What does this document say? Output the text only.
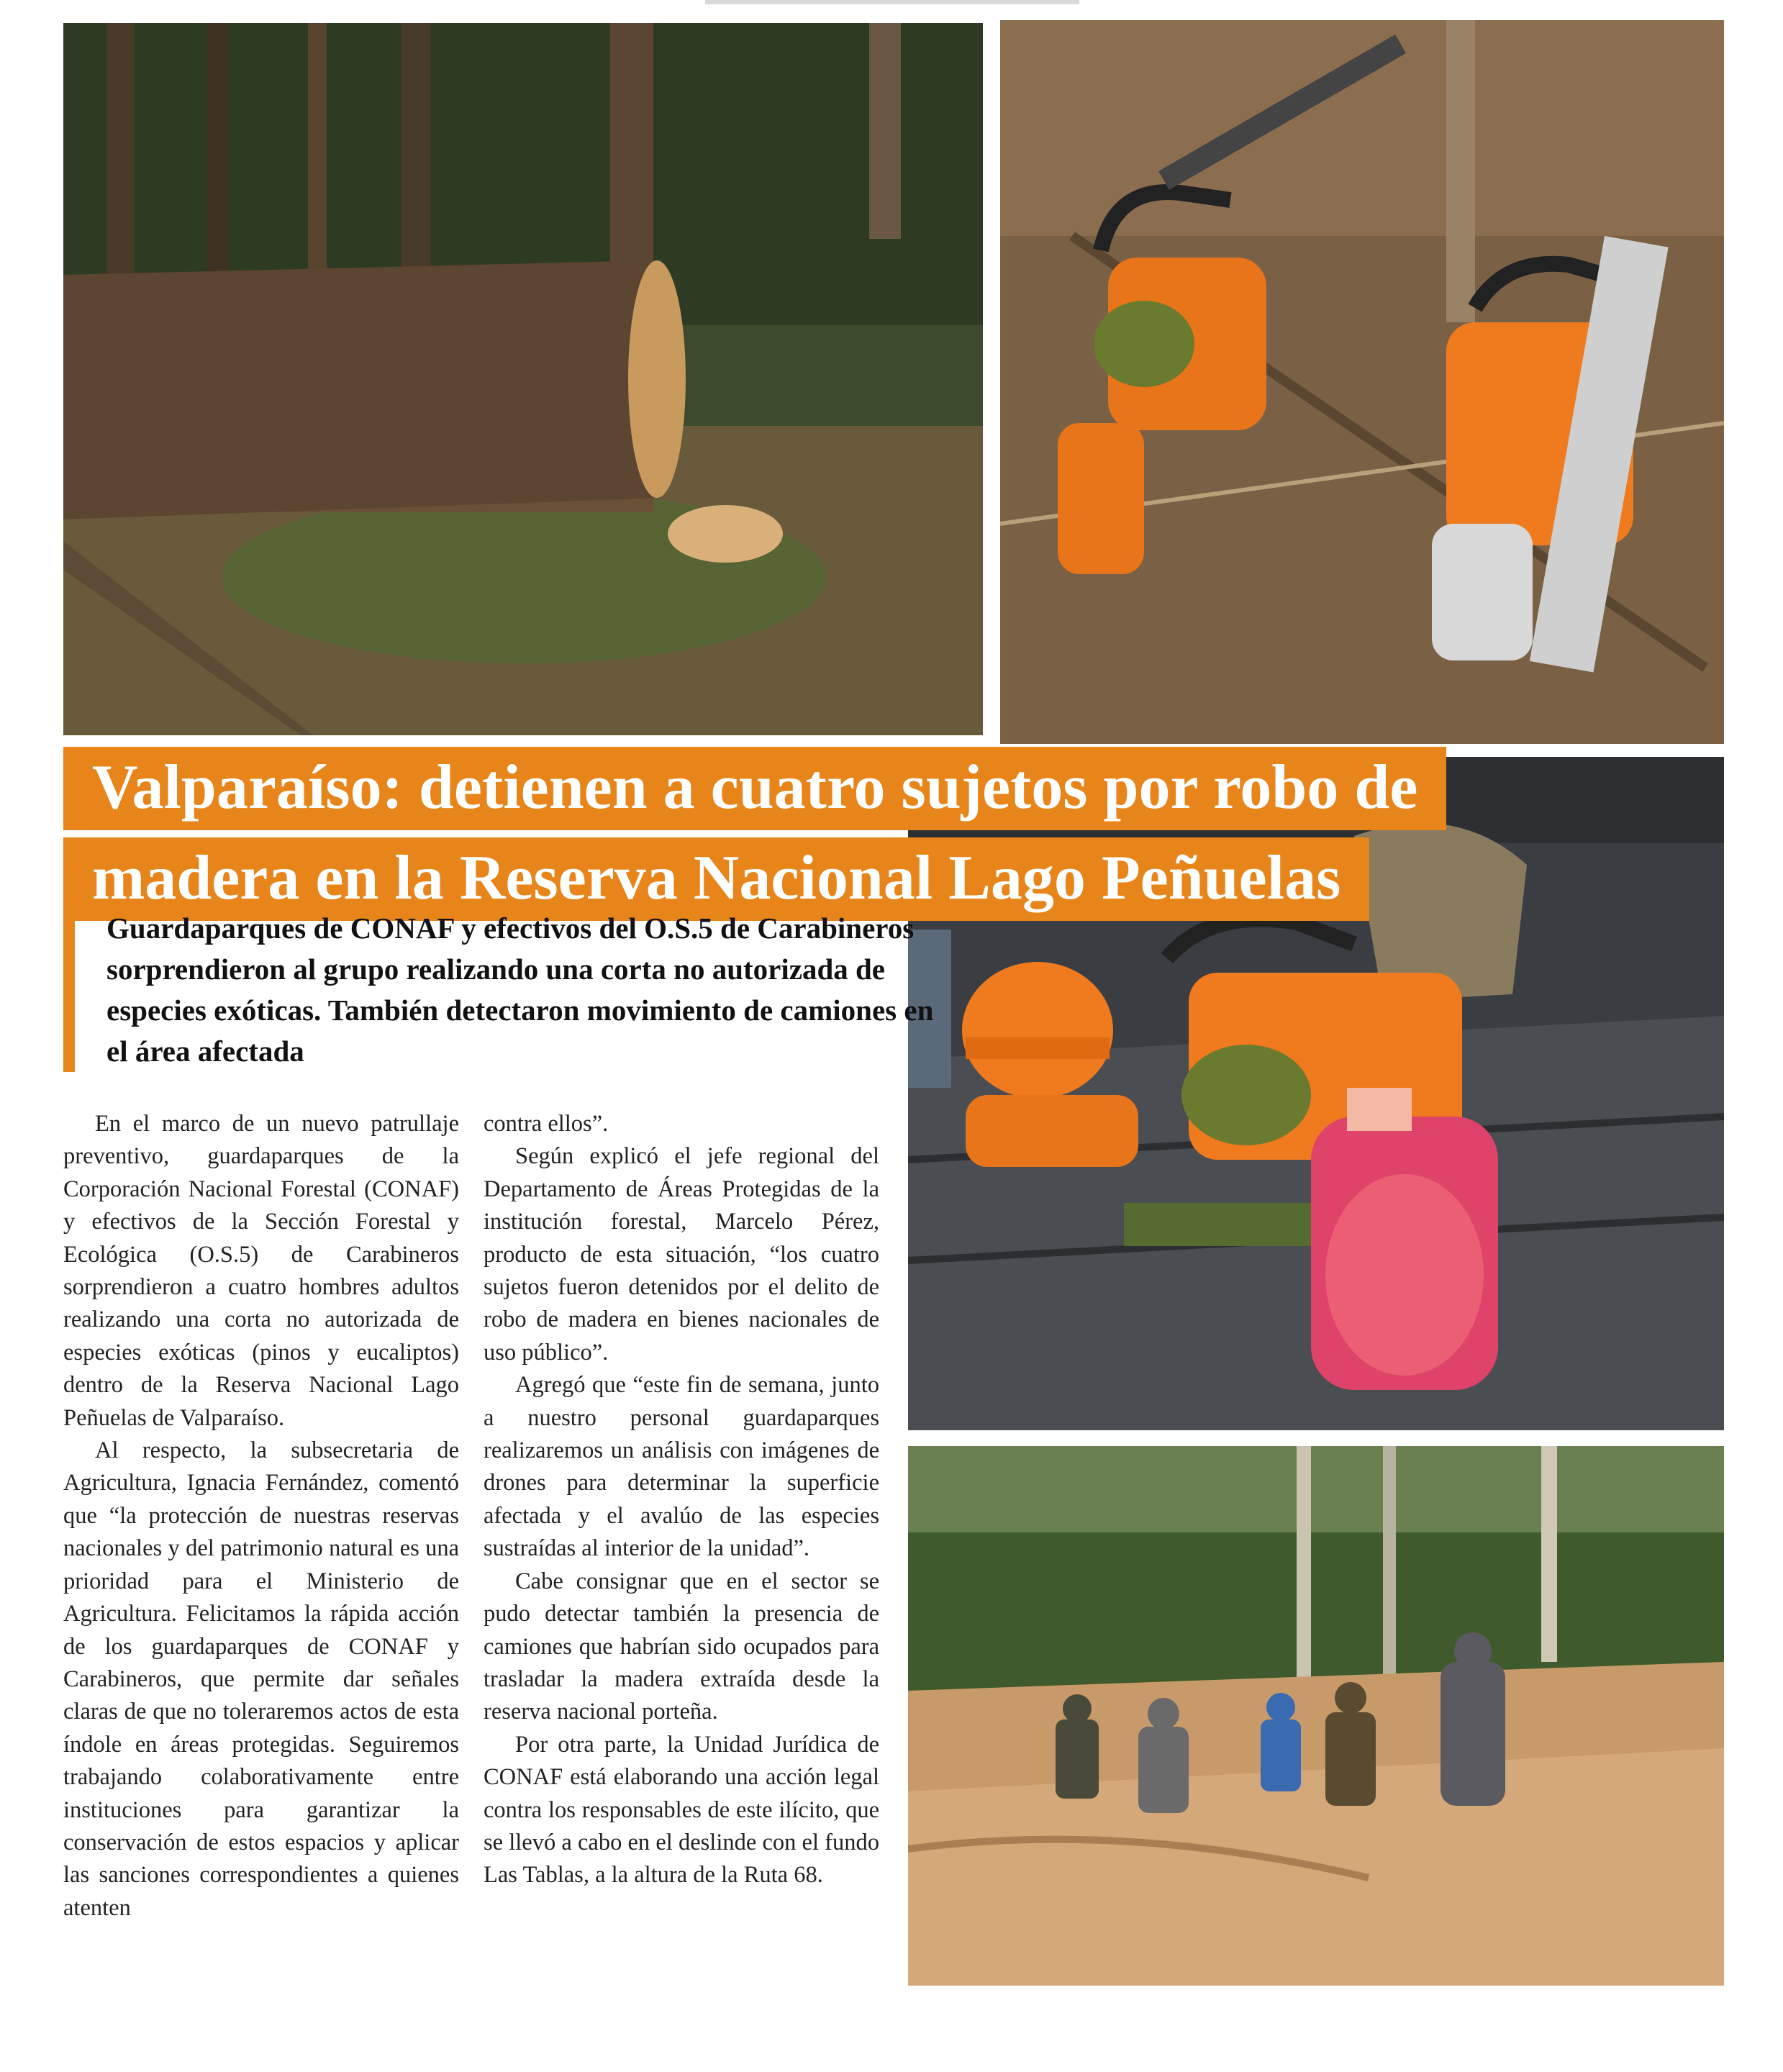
Valparaíso: detienen a cuatro sujetos por robo de
madera en la Reserva Nacional Lago Peñuelas

Guardaparques de CONAF y efectivos del O.S.5 de Carabineros sorprendieron al grupo realizando una corta no autorizada de especies exóticas. También detectaron movimiento de camiones en el área afectada

En el marco de un nuevo patrullaje preventivo, guardaparques de la Corporación Nacional Forestal (CONAF) y efectivos de la Sección Forestal y Ecológica (O.S.5) de Carabineros sorprendieron a cuatro hombres adultos realizando una corta no autorizada de especies exóticas (pinos y eucaliptos) dentro de la Reserva Nacional Lago Peñuelas de Valparaíso.

Al respecto, la subsecretaria de Agricultura, Ignacia Fernández, comentó que “la protección de nuestras reservas nacionales y del patrimonio natural es una prioridad para el Ministerio de Agricultura. Felicitamos la rápida acción de los guardaparques de CONAF y Carabineros, que permite dar señales claras de que no toleraremos actos de esta índole en áreas protegidas. Seguiremos trabajando colaborativamente entre instituciones para garantizar la conservación de estos espacios y aplicar las sanciones correspondientes a quienes atenten

contra ellos”.

Según explicó el jefe regional del Departamento de Áreas Protegidas de la institución forestal, Marcelo Pérez, producto de esta situación, “los cuatro sujetos fueron detenidos por el delito de robo de madera en bienes nacionales de uso público”.

Agregó que “este fin de semana, junto a nuestro personal guardaparques realizaremos un análisis con imágenes de drones para determinar la superficie afectada y el avalúo de las especies sustraídas al interior de la unidad”.

Cabe consignar que en el sector se pudo detectar también la presencia de camiones que habrían sido ocupados para trasladar la madera extraída desde la reserva nacional porteña.

Por otra parte, la Unidad Jurídica de CONAF está elaborando una acción legal contra los responsables de este ilícito, que se llevó a cabo en el deslinde con el fundo Las Tablas, a la altura de la Ruta 68.
